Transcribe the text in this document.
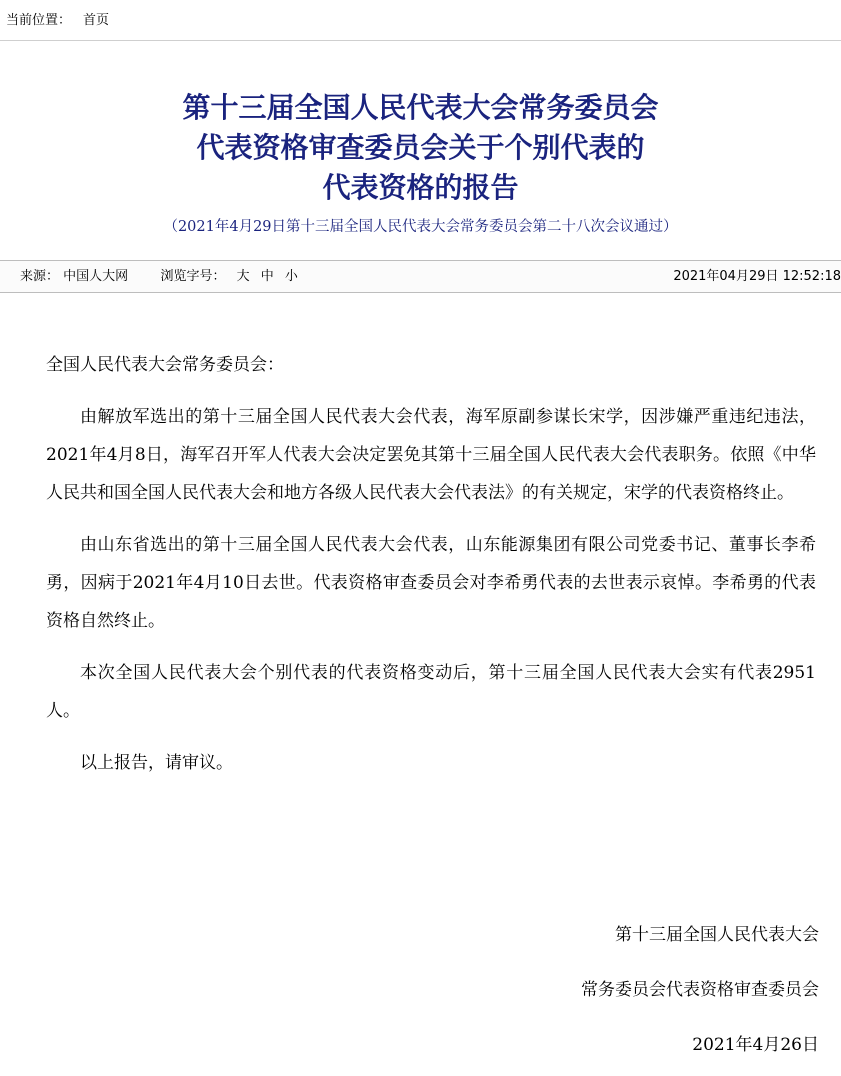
当前位置： 首页
第十三届全国人民代表大会常务委员会
代表资格审查委员会关于个别代表的
代表资格的报告
（2021年4月29日第十三届全国人民代表大会常务委员会第二十八次会议通过）
来源： 中国人大网 浏览字号： 大 中 小	2021年04月29日 12:52:18

全国人民代表大会常务委员会：

由解放军选出的第十三届全国人民代表大会代表，海军原副参谋长宋学，因涉嫌严重违纪违法，2021年4月8日，海军召开军人代表大会决定罢免其第十三届全国人民代表大会代表职务。依照《中华人民共和国全国人民代表大会和地方各级人民代表大会代表法》的有关规定，宋学的代表资格终止。

由山东省选出的第十三届全国人民代表大会代表，山东能源集团有限公司党委书记、董事长李希勇，因病于2021年4月10日去世。代表资格审查委员会对李希勇代表的去世表示哀悼。李希勇的代表资格自然终止。

本次全国人民代表大会个别代表的代表资格变动后，第十三届全国人民代表大会实有代表2951人。

以上报告，请审议。

第十三届全国人民代表大会
常务委员会代表资格审查委员会
2021年4月26日
